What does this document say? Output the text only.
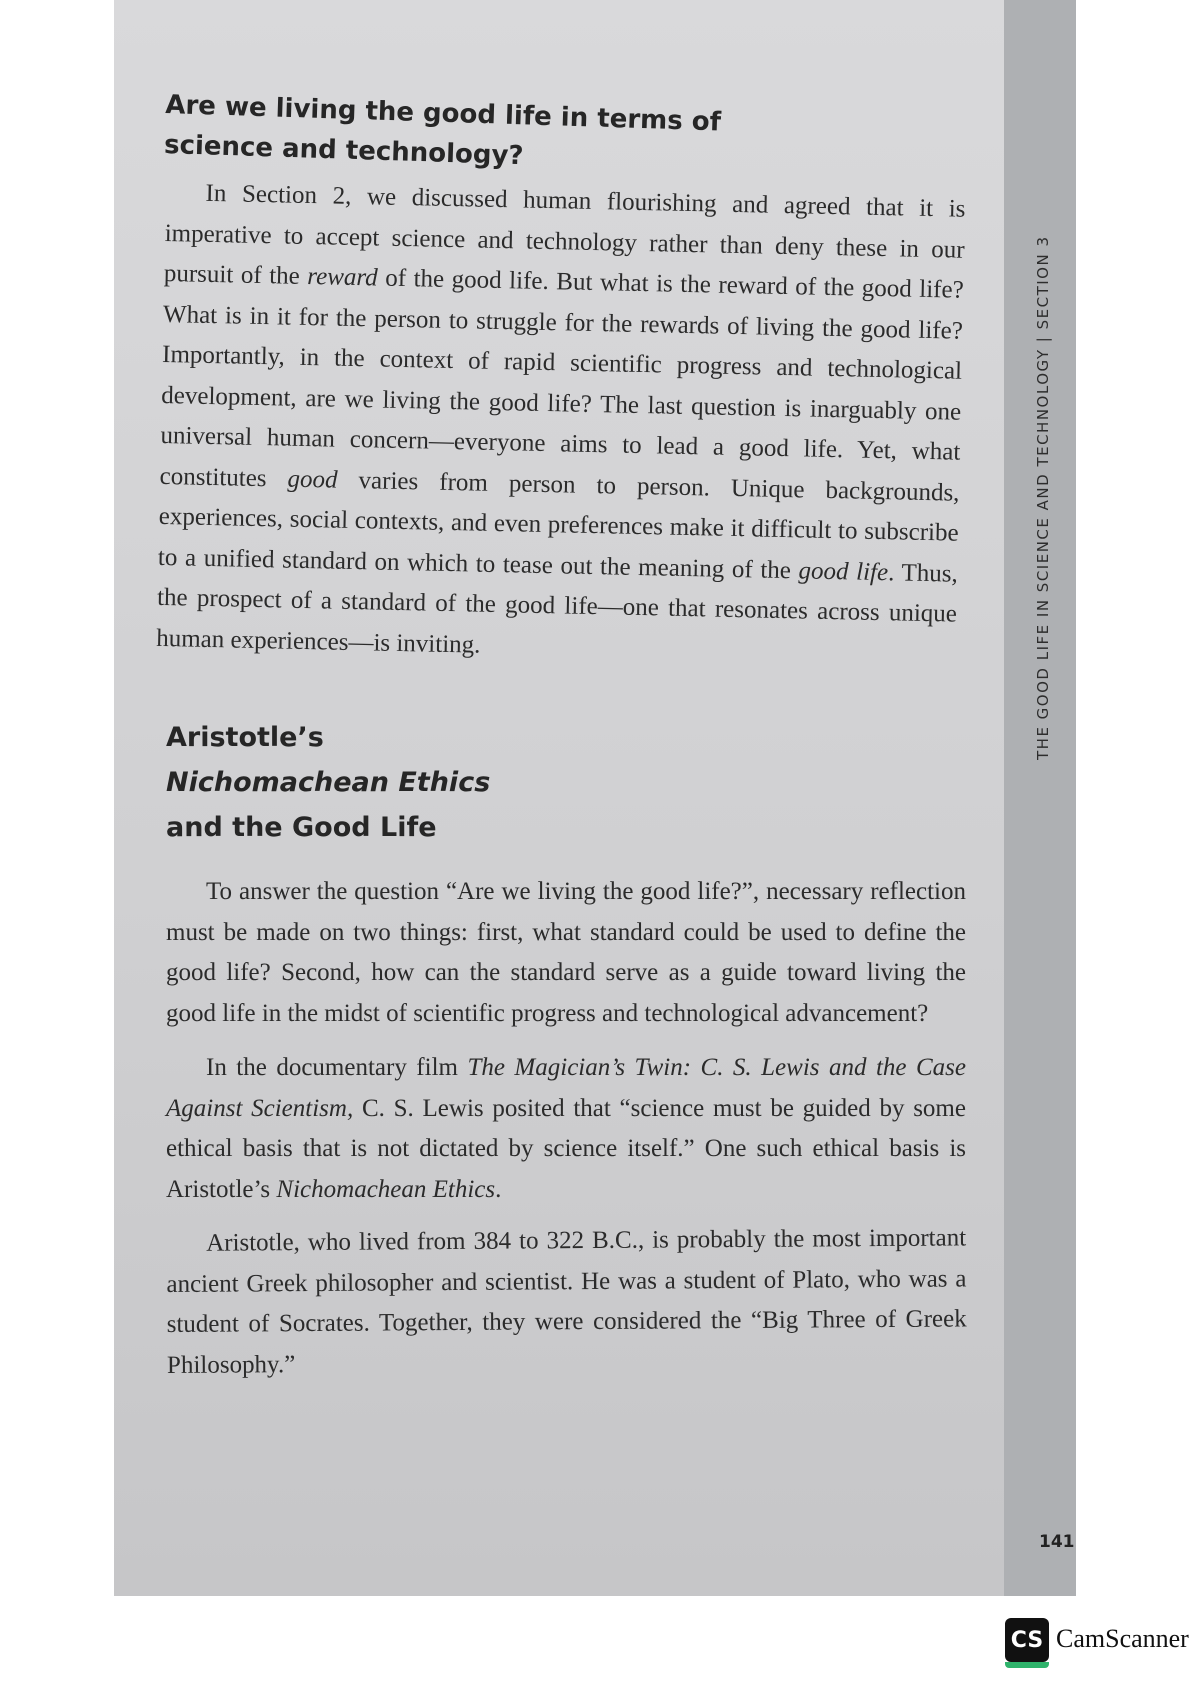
Are we living the good life in terms of
science and technology?

In Section 2, we discussed human flourishing and agreed that it is imperative to accept science and technology rather than deny these in our pursuit of the reward of the good life. But what is the reward of the good life? What is in it for the person to struggle for the rewards of living the good life? Importantly, in the context of rapid scientific progress and technological development, are we living the good life? The last question is inarguably one universal human concern—everyone aims to lead a good life. Yet, what constitutes good varies from person to person. Unique backgrounds, experiences, social contexts, and even preferences make it difficult to subscribe to a unified standard on which to tease out the meaning of the good life. Thus, the prospect of a standard of the good life—one that resonates across unique human experiences—is inviting.

Aristotle’s
Nichomachean Ethics
and the Good Life

To answer the question “Are we living the good life?”, necessary reflection must be made on two things: first, what standard could be used to define the good life? Second, how can the standard serve as a guide toward living the good life in the midst of scientific progress and technological advancement?

In the documentary film The Magician’s Twin: C. S. Lewis and the Case Against Scientism, C. S. Lewis posited that “science must be guided by some ethical basis that is not dictated by science itself.” One such ethical basis is Aristotle’s Nichomachean Ethics.

Aristotle, who lived from 384 to 322 B.C., is probably the most important ancient Greek philosopher and scientist. He was a student of Plato, who was a student of Socrates. Together, they were considered the “Big Three of Greek Philosophy.”

THE GOOD LIFE IN SCIENCE AND TECHNOLOGY | SECTION 3
141
CS CamScanner
